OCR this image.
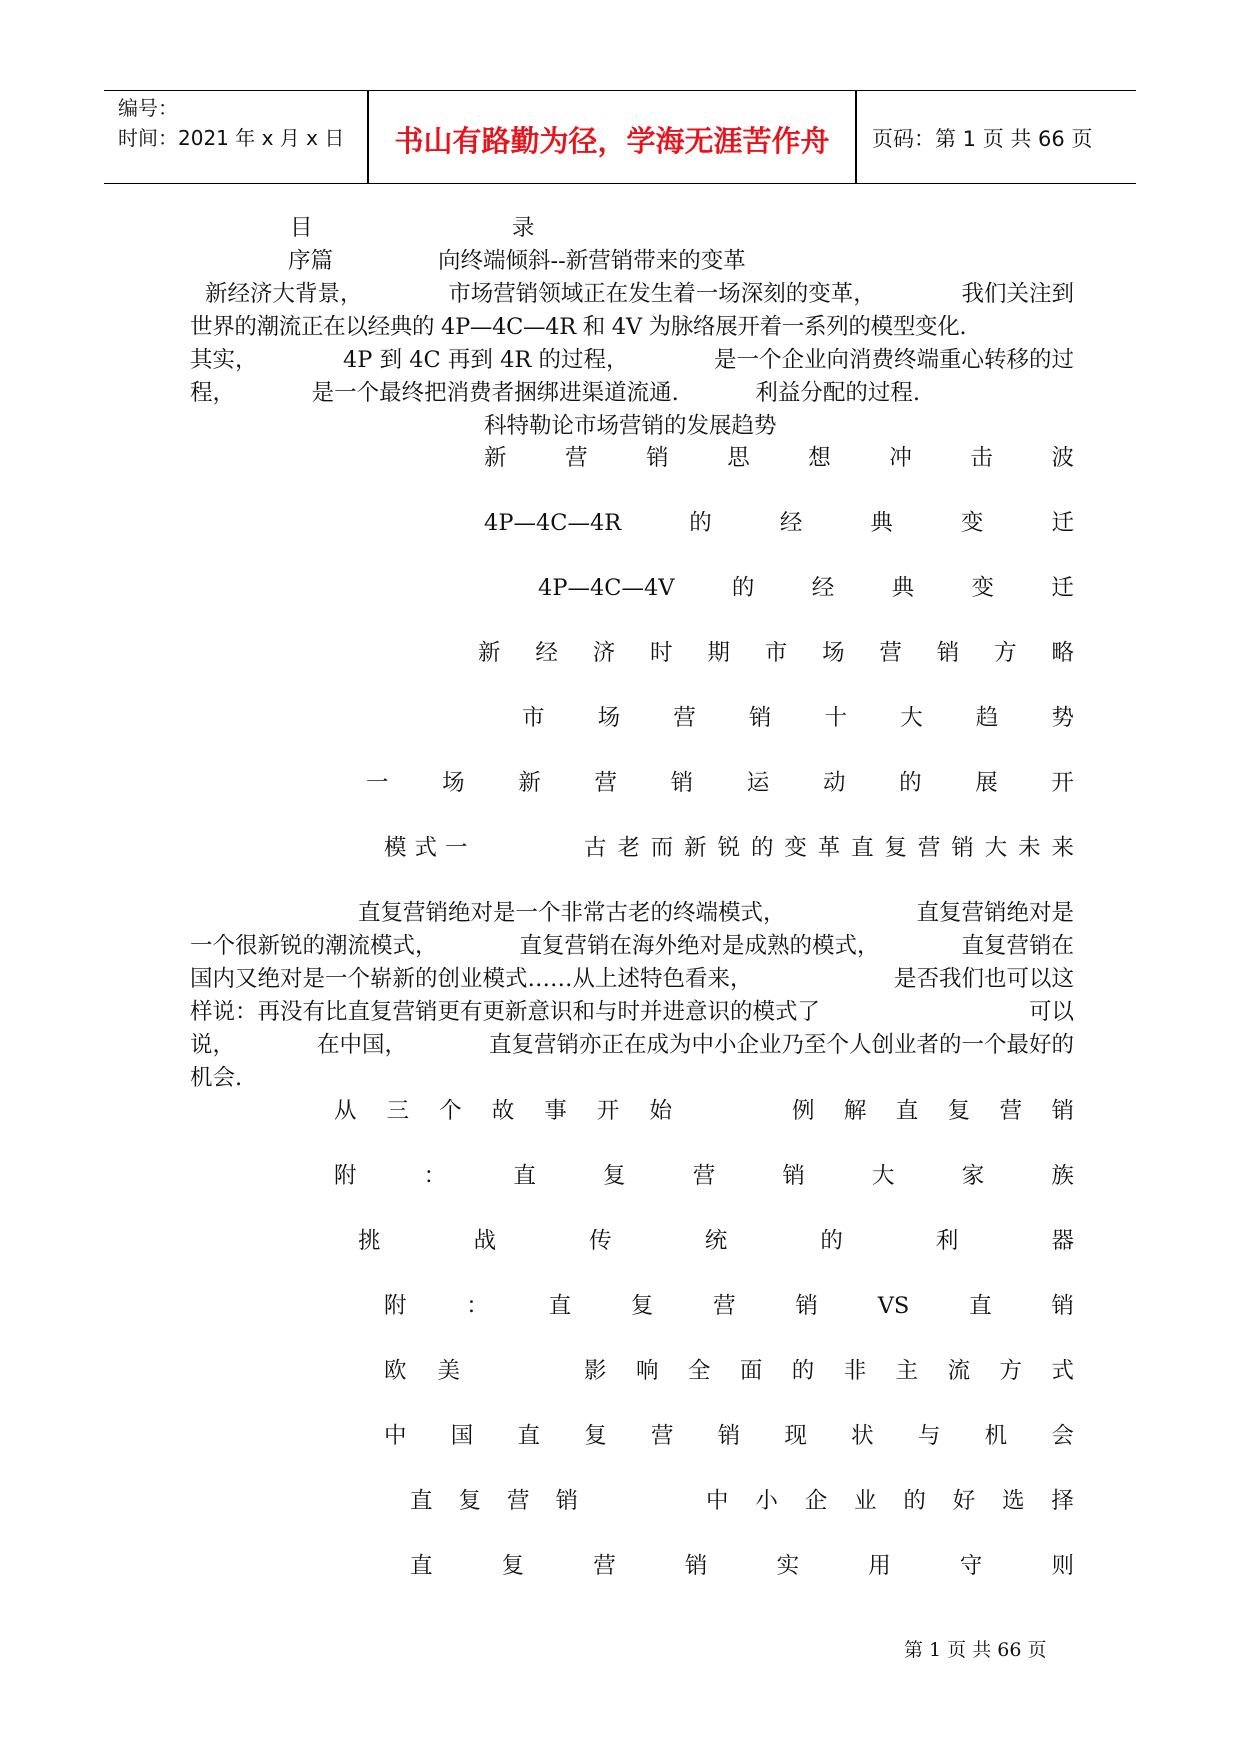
编号：
时间：2021 年 x 月 x 日	书山有路勤为径，学海无涯苦作舟	页码：第 1 页 共 66 页
目	录
序篇	向终端倾斜--新营销带来的变革
新经济大背景，	市场营销领域正在发生着一场深刻的变革，	我们关注到
世界的潮流正在以经典的 4P—4C—4R 和 4V 为脉络展开着一系列的模型变化.
其实，	4P 到 4C 再到 4R 的过程，	是一个企业向消费终端重心转移的过
程，	是一个最终把消费者捆绑进渠道流通.	利益分配的过程.
科特勒论市场营销的发展趋势
新	营	销	思	想	冲	击	波
4P—4C—4R	的	经	典	变	迁
4P—4C—4V	的	经	典	变	迁
新 经 济 时 期 市 场 营 销 方 略
市 场 营 销 十 大 趋 势
一 场 新 营 销 运 动 的 展 开
模式一	古 老 而 新 锐 的 变 革 直 复 营 销 大 未 来
直复营销绝对是一个非常古老的终端模式，	直复营销绝对是
一个很新锐的潮流模式，	直复营销在海外绝对是成熟的模式，	直复营销在
国内又绝对是一个崭新的创业模式……从上述特色看来，	是否我们也可以这
样说：再没有比直复营销更有更新意识和与时并进意识的模式了	可以
说，	在中国，	直复营销亦正在成为中小企业乃至个人创业者的一个最好的
机会.
从 三 个 故 事 开 始	例 解 直 复 营 销
附	：	直	复	营	销	大	家	族
挑	战	传	统	的	利	器
附	：	直	复	营	销	VS	直	销
欧 美	影 响 全 面 的 非 主 流 方 式
中 国 直 复 营 销 现 状 与 机 会
直 复 营 销	中 小 企 业 的 好 选 择
直	复	营	销	实	用	守	则
第 1 页 共 66 页
